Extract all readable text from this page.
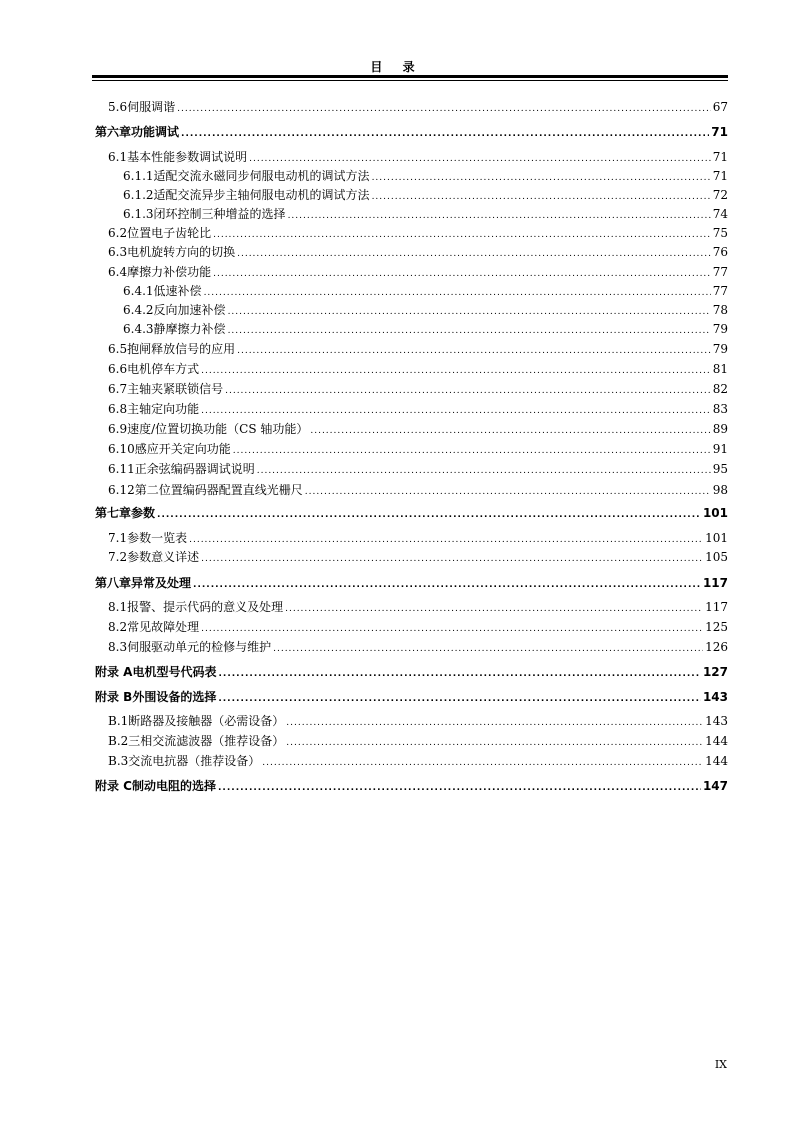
目 录
5.6 伺服调谐 .....	67
第六章 功能调试 .....	71
6.1 基本性能参数调试说明 .....	71
6.1.1 适配交流永磁同步伺服电动机的调试方法 .....	71
6.1.2 适配交流异步主轴伺服电动机的调试方法 .....	72
6.1.3 闭环控制三种增益的选择 .....	74
6.2 位置电子齿轮比 .....	75
6.3 电机旋转方向的切换 .....	76
6.4 摩擦力补偿功能 .....	77
6.4.1 低速补偿 .....	77
6.4.2 反向加速补偿 .....	78
6.4.3 静摩擦力补偿 .....	79
6.5 抱闸释放信号的应用 .....	79
6.6 电机停车方式 .....	81
6.7 主轴夹紧联锁信号 .....	82
6.8 主轴定向功能 .....	83
6.9 速度/位置切换功能（CS 轴功能） .....	89
6.10 感应开关定向功能 .....	91
6.11 正余弦编码器调试说明 .....	95
6.12 第二位置编码器配置直线光栅尺 .....	98
第七章 参数 .....	101
7.1 参数一览表 .....	101
7.2 参数意义详述 .....	105
第八章 异常及处理 .....	117
8.1 报警、提示代码的意义及处理 .....	117
8.2 常见故障处理 .....	125
8.3 伺服驱动单元的检修与维护 .....	126
附录 A 电机型号代码表 .....	127
附录 B 外围设备的选择 .....	143
B.1 断路器及接触器（必需设备） .....	143
B.2 三相交流滤波器（推荐设备） .....	144
B.3 交流电抗器（推荐设备） .....	144
附录 C 制动电阻的选择 .....	147
IX
